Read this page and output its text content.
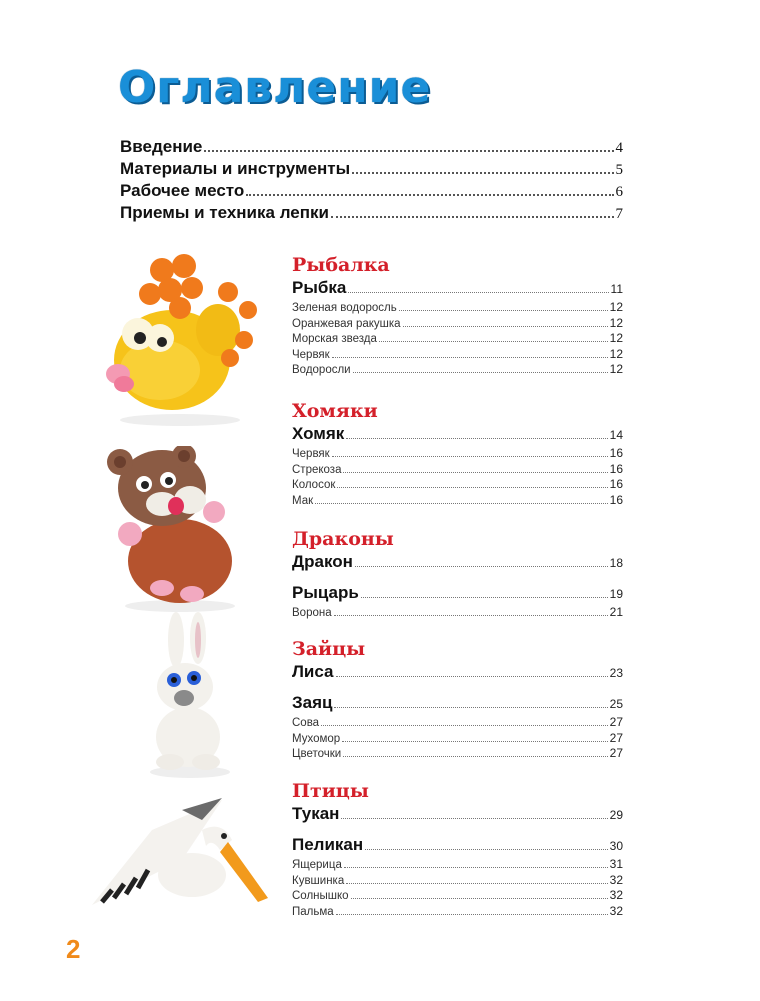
Оглавление
Введение	4
Материалы и инструменты	5
Рабочее место	6
Приемы и техника лепки	7
Рыбалка
Рыбка	11
Зеленая водоросль	12
Оранжевая ракушка	12
Морская звезда	12
Червяк	12
Водоросли	12
Хомяки
Хомяк	14
Червяк	16
Стрекоза	16
Колосок	16
Мак	16
Драконы
Дракон	18
Рыцарь	19
Ворона	21
Зайцы
Лиса	23
Заяц	25
Сова	27
Мухомор	27
Цветочки	27
Птицы
Тукан	29
Пеликан	30
Ящерица	31
Кувшинка	32
Солнышко	32
Пальма	32
2
